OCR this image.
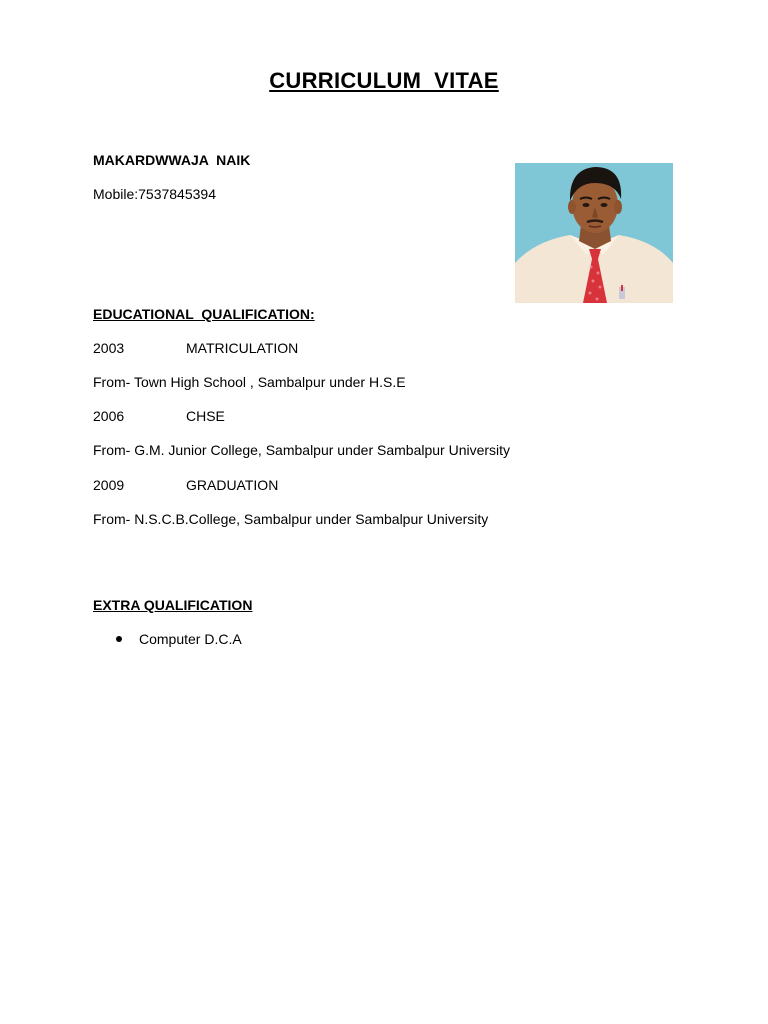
CURRICULUM  VITAE
MAKARDWWAJA  NAIK
Mobile:7537845394
EDUCATIONAL  QUALIFICATION:
2003	MATRICULATION
From- Town High School , Sambalpur under H.S.E
2006	CHSE
From- G.M. Junior College, Sambalpur under Sambalpur University
2009	GRADUATION
From- N.S.C.B.College, Sambalpur under Sambalpur University
EXTRA QUALIFICATION
Computer D.C.A
